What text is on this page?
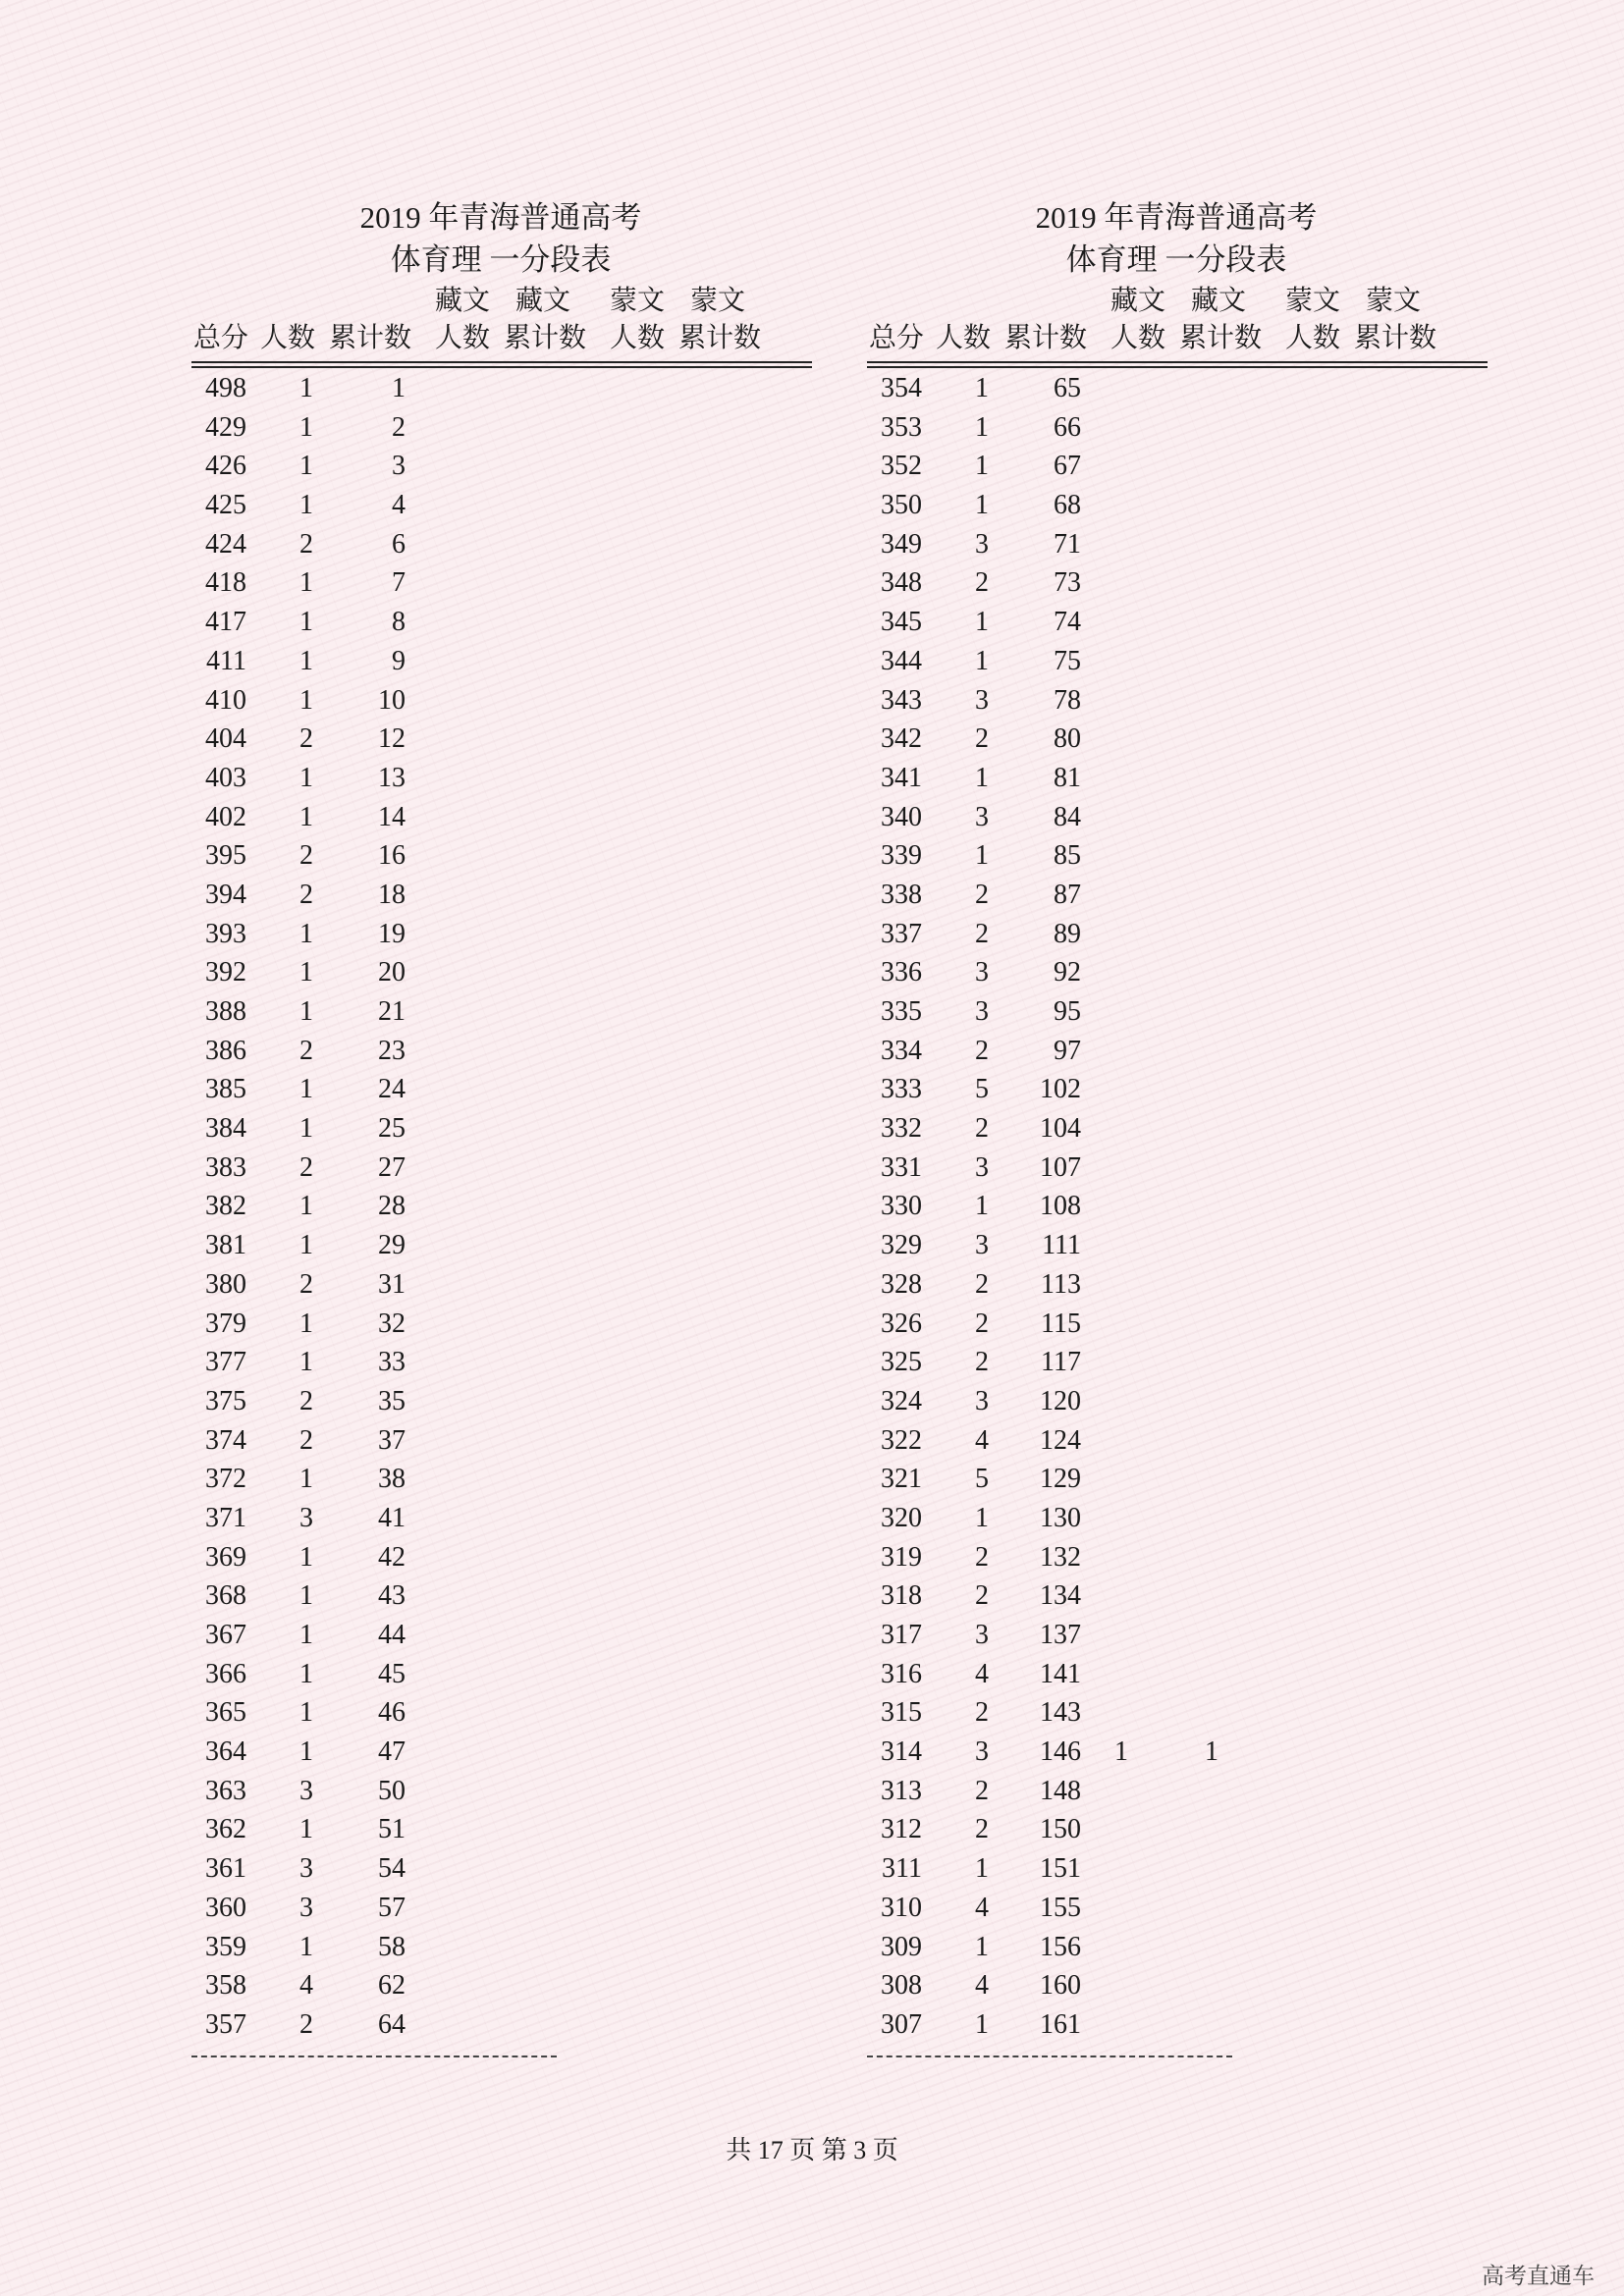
2019 年青海普通高考
体育理 一分段表
藏文 藏文 蒙文 蒙文
总分 人数 累计数 人数 累计数 人数 累计数
498	1	1
429	1	2
426	1	3
425	1	4
424	2	6
418	1	7
417	1	8
411	1	9
410	1	10
404	2	12
403	1	13
402	1	14
395	2	16
394	2	18
393	1	19
392	1	20
388	1	21
386	2	23
385	1	24
384	1	25
383	2	27
382	1	28
381	1	29
380	2	31
379	1	32
377	1	33
375	2	35
374	2	37
372	1	38
371	3	41
369	1	42
368	1	43
367	1	44
366	1	45
365	1	46
364	1	47
363	3	50
362	1	51
361	3	54
360	3	57
359	1	58
358	4	62
357	2	64
2019 年青海普通高考
体育理 一分段表
藏文 藏文 蒙文 蒙文
总分 人数 累计数 人数 累计数 人数 累计数
354	1	65
353	1	66
352	1	67
350	1	68
349	3	71
348	2	73
345	1	74
344	1	75
343	3	78
342	2	80
341	1	81
340	3	84
339	1	85
338	2	87
337	2	89
336	3	92
335	3	95
334	2	97
333	5	102
332	2	104
331	3	107
330	1	108
329	3	111
328	2	113
326	2	115
325	2	117
324	3	120
322	4	124
321	5	129
320	1	130
319	2	132
318	2	134
317	3	137
316	4	141
315	2	143
314	3	146	1	1
313	2	148
312	2	150
311	1	151
310	4	155
309	1	156
308	4	160
307	1	161
共 17 页 第 3 页
高考直通车
